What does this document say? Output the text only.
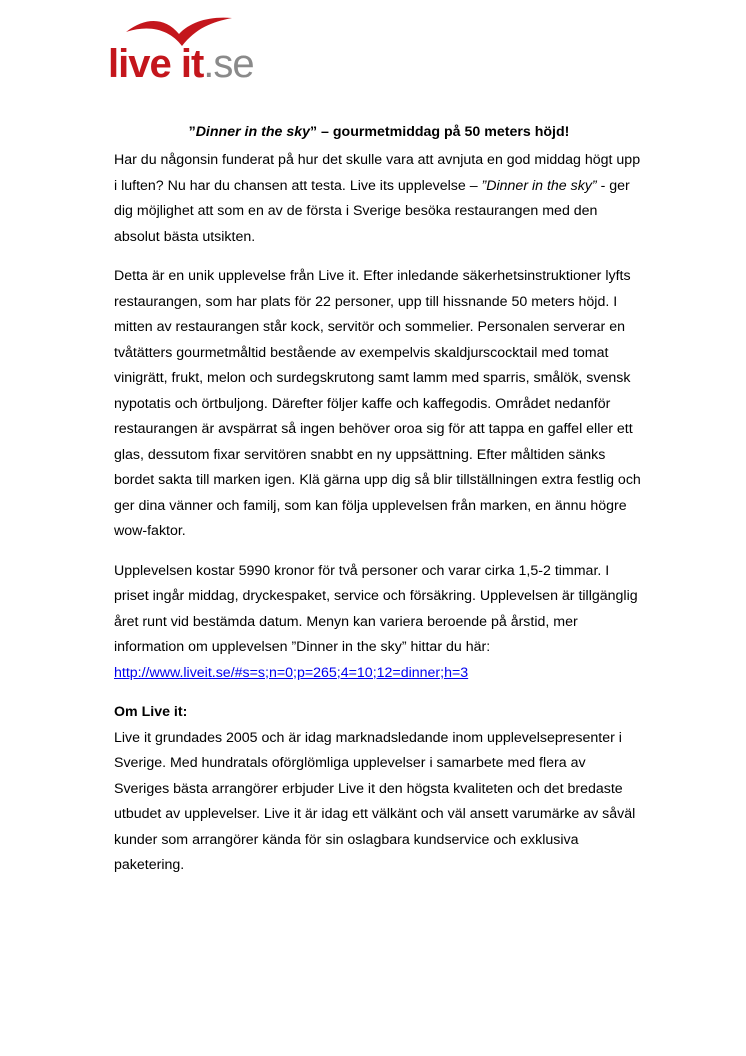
live it.se
”Dinner in the sky” – gourmetmiddag på 50 meters höjd!

Har du någonsin funderat på hur det skulle vara att avnjuta en god middag högt upp i luften? Nu har du chansen att testa. Live its upplevelse – ”Dinner in the sky” - ger dig möjlighet att som en av de första i Sverige besöka restaurangen med den absolut bästa utsikten.

Detta är en unik upplevelse från Live it. Efter inledande säkerhetsinstruktioner lyfts restaurangen, som har plats för 22 personer, upp till hissnande 50 meters höjd. I mitten av restaurangen står kock, servitör och sommelier. Personalen serverar en tvåtätters gourmetmåltid bestående av exempelvis skaldjurscocktail med tomat vinigrätt, frukt, melon och surdegskrutong samt lamm med sparris, smålök, svensk nypotatis och örtbuljong. Därefter följer kaffe och kaffegodis. Området nedanför restaurangen är avspärrat så ingen behöver oroa sig för att tappa en gaffel eller ett glas, dessutom fixar servitören snabbt en ny uppsättning. Efter måltiden sänks bordet sakta till marken igen. Klä gärna upp dig så blir tillställningen extra festlig och ger dina vänner och familj, som kan följa upplevelsen från marken, en ännu högre wow-faktor.

Upplevelsen kostar 5990 kronor för två personer och varar cirka 1,5-2 timmar. I priset ingår middag, dryckespaket, service och försäkring. Upplevelsen är tillgänglig året runt vid bestämda datum. Menyn kan variera beroende på årstid, mer information om upplevelsen ”Dinner in the sky” hittar du här:
http://www.liveit.se/#s=s;n=0;p=265;4=10;12=dinner;h=3

Om Live it:

Live it grundades 2005 och är idag marknadsledande inom upplevelsepresenter i Sverige. Med hundratals oförglömliga upplevelser i samarbete med flera av Sveriges bästa arrangörer erbjuder Live it den högsta kvaliteten och det bredaste utbudet av upplevelser. Live it är idag ett välkänt och väl ansett varumärke av såväl kunder som arrangörer kända för sin oslagbara kundservice och exklusiva paketering.
